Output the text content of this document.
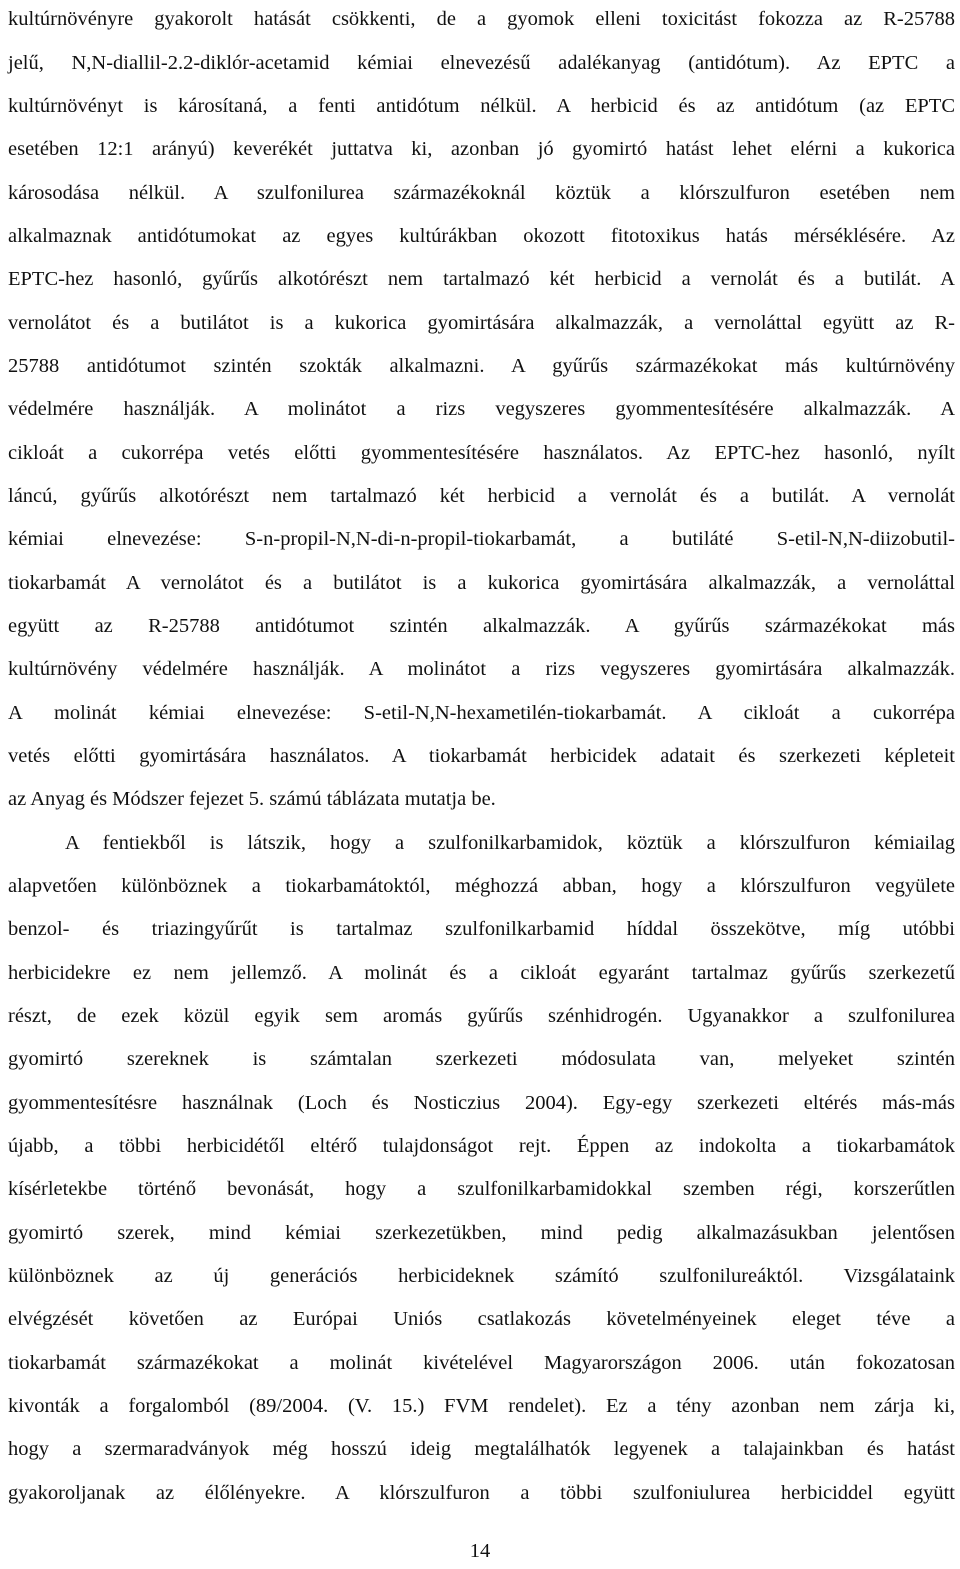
kultúrnövényre gyakorolt hatását csökkenti, de a gyomok elleni toxicitást fokozza az R-25788
jelű, N,N-diallil-2.2-diklór-acetamid kémiai elnevezésű adalékanyag (antidótum). Az EPTC a
kultúrnövényt is károsítaná, a fenti antidótum nélkül. A herbicid és az antidótum (az EPTC
esetében 12:1 arányú) keverékét juttatva ki, azonban jó gyomirtó hatást lehet elérni a kukorica
károsodása nélkül. A szulfonilurea származékoknál köztük a klórszulfuron esetében nem
alkalmaznak antidótumokat az egyes kultúrákban okozott fitotoxikus hatás mérséklésére. Az
EPTC-hez hasonló, gyűrűs alkotórészt nem tartalmazó két herbicid a vernolát és a butilát. A
vernolátot és a butilátot is a kukorica gyomirtására alkalmazzák, a vernoláttal együtt az R-
25788 antidótumot szintén szokták alkalmazni. A gyűrűs származékokat más kultúrnövény
védelmére használják. A molinátot a rizs vegyszeres gyommentesítésére alkalmazzák. A
cikloát a cukorrépa vetés előtti gyommentesítésére használatos. Az EPTC-hez hasonló, nyílt
láncú, gyűrűs alkotórészt nem tartalmazó két herbicid a vernolát és a butilát. A vernolát
kémiai elnevezése: S-n-propil-N,N-di-n-propil-tiokarbamát, a butiláté S-etil-N,N-diizobutil-
tiokarbamát A vernolátot és a butilátot is a kukorica gyomirtására alkalmazzák, a vernoláttal
együtt az R-25788 antidótumot szintén alkalmazzák. A gyűrűs származékokat más
kultúrnövény védelmére használják. A molinátot a rizs vegyszeres gyomirtására alkalmazzák.
A molinát kémiai elnevezése: S-etil-N,N-hexametilén-tiokarbamát. A cikloát a cukorrépa
vetés előtti gyomirtására használatos. A tiokarbamát herbicidek adatait és szerkezeti képleteit
az Anyag és Módszer fejezet 5. számú táblázata mutatja be.
A fentiekből is látszik, hogy a szulfonilkarbamidok, köztük a klórszulfuron kémiailag
alapvetően különböznek a tiokarbamátoktól, méghozzá abban, hogy a klórszulfuron vegyülete
benzol- és triazingyűrűt is tartalmaz szulfonilkarbamid híddal összekötve, míg utóbbi
herbicidekre ez nem jellemző. A molinát és a cikloát egyaránt tartalmaz gyűrűs szerkezetű
részt, de ezek közül egyik sem aromás gyűrűs szénhidrogén. Ugyanakkor a szulfonilurea
gyomirtó szereknek is számtalan szerkezeti módosulata van, melyeket szintén
gyommentesítésre használnak (Loch és Nosticzius 2004). Egy-egy szerkezeti eltérés más-más
újabb, a többi herbicidétől eltérő tulajdonságot rejt. Éppen az indokolta a tiokarbamátok
kísérletekbe történő bevonását, hogy a szulfonilkarbamidokkal szemben régi, korszerűtlen
gyomirtó szerek, mind kémiai szerkezetükben, mind pedig alkalmazásukban jelentősen
különböznek az új generációs herbicideknek számító szulfonilureáktól. Vizsgálataink
elvégzését követően az Európai Uniós csatlakozás követelményeinek eleget téve a
tiokarbamát származékokat a molinát kivételével Magyarországon 2006. után fokozatosan
kivonták a forgalomból (89/2004. (V. 15.) FVM rendelet). Ez a tény azonban nem zárja ki,
hogy a szermaradványok még hosszú ideig megtalálhatók legyenek a talajainkban és hatást
gyakoroljanak az élőlényekre. A klórszulfuron a többi szulfoniulurea herbiciddel együtt
14
